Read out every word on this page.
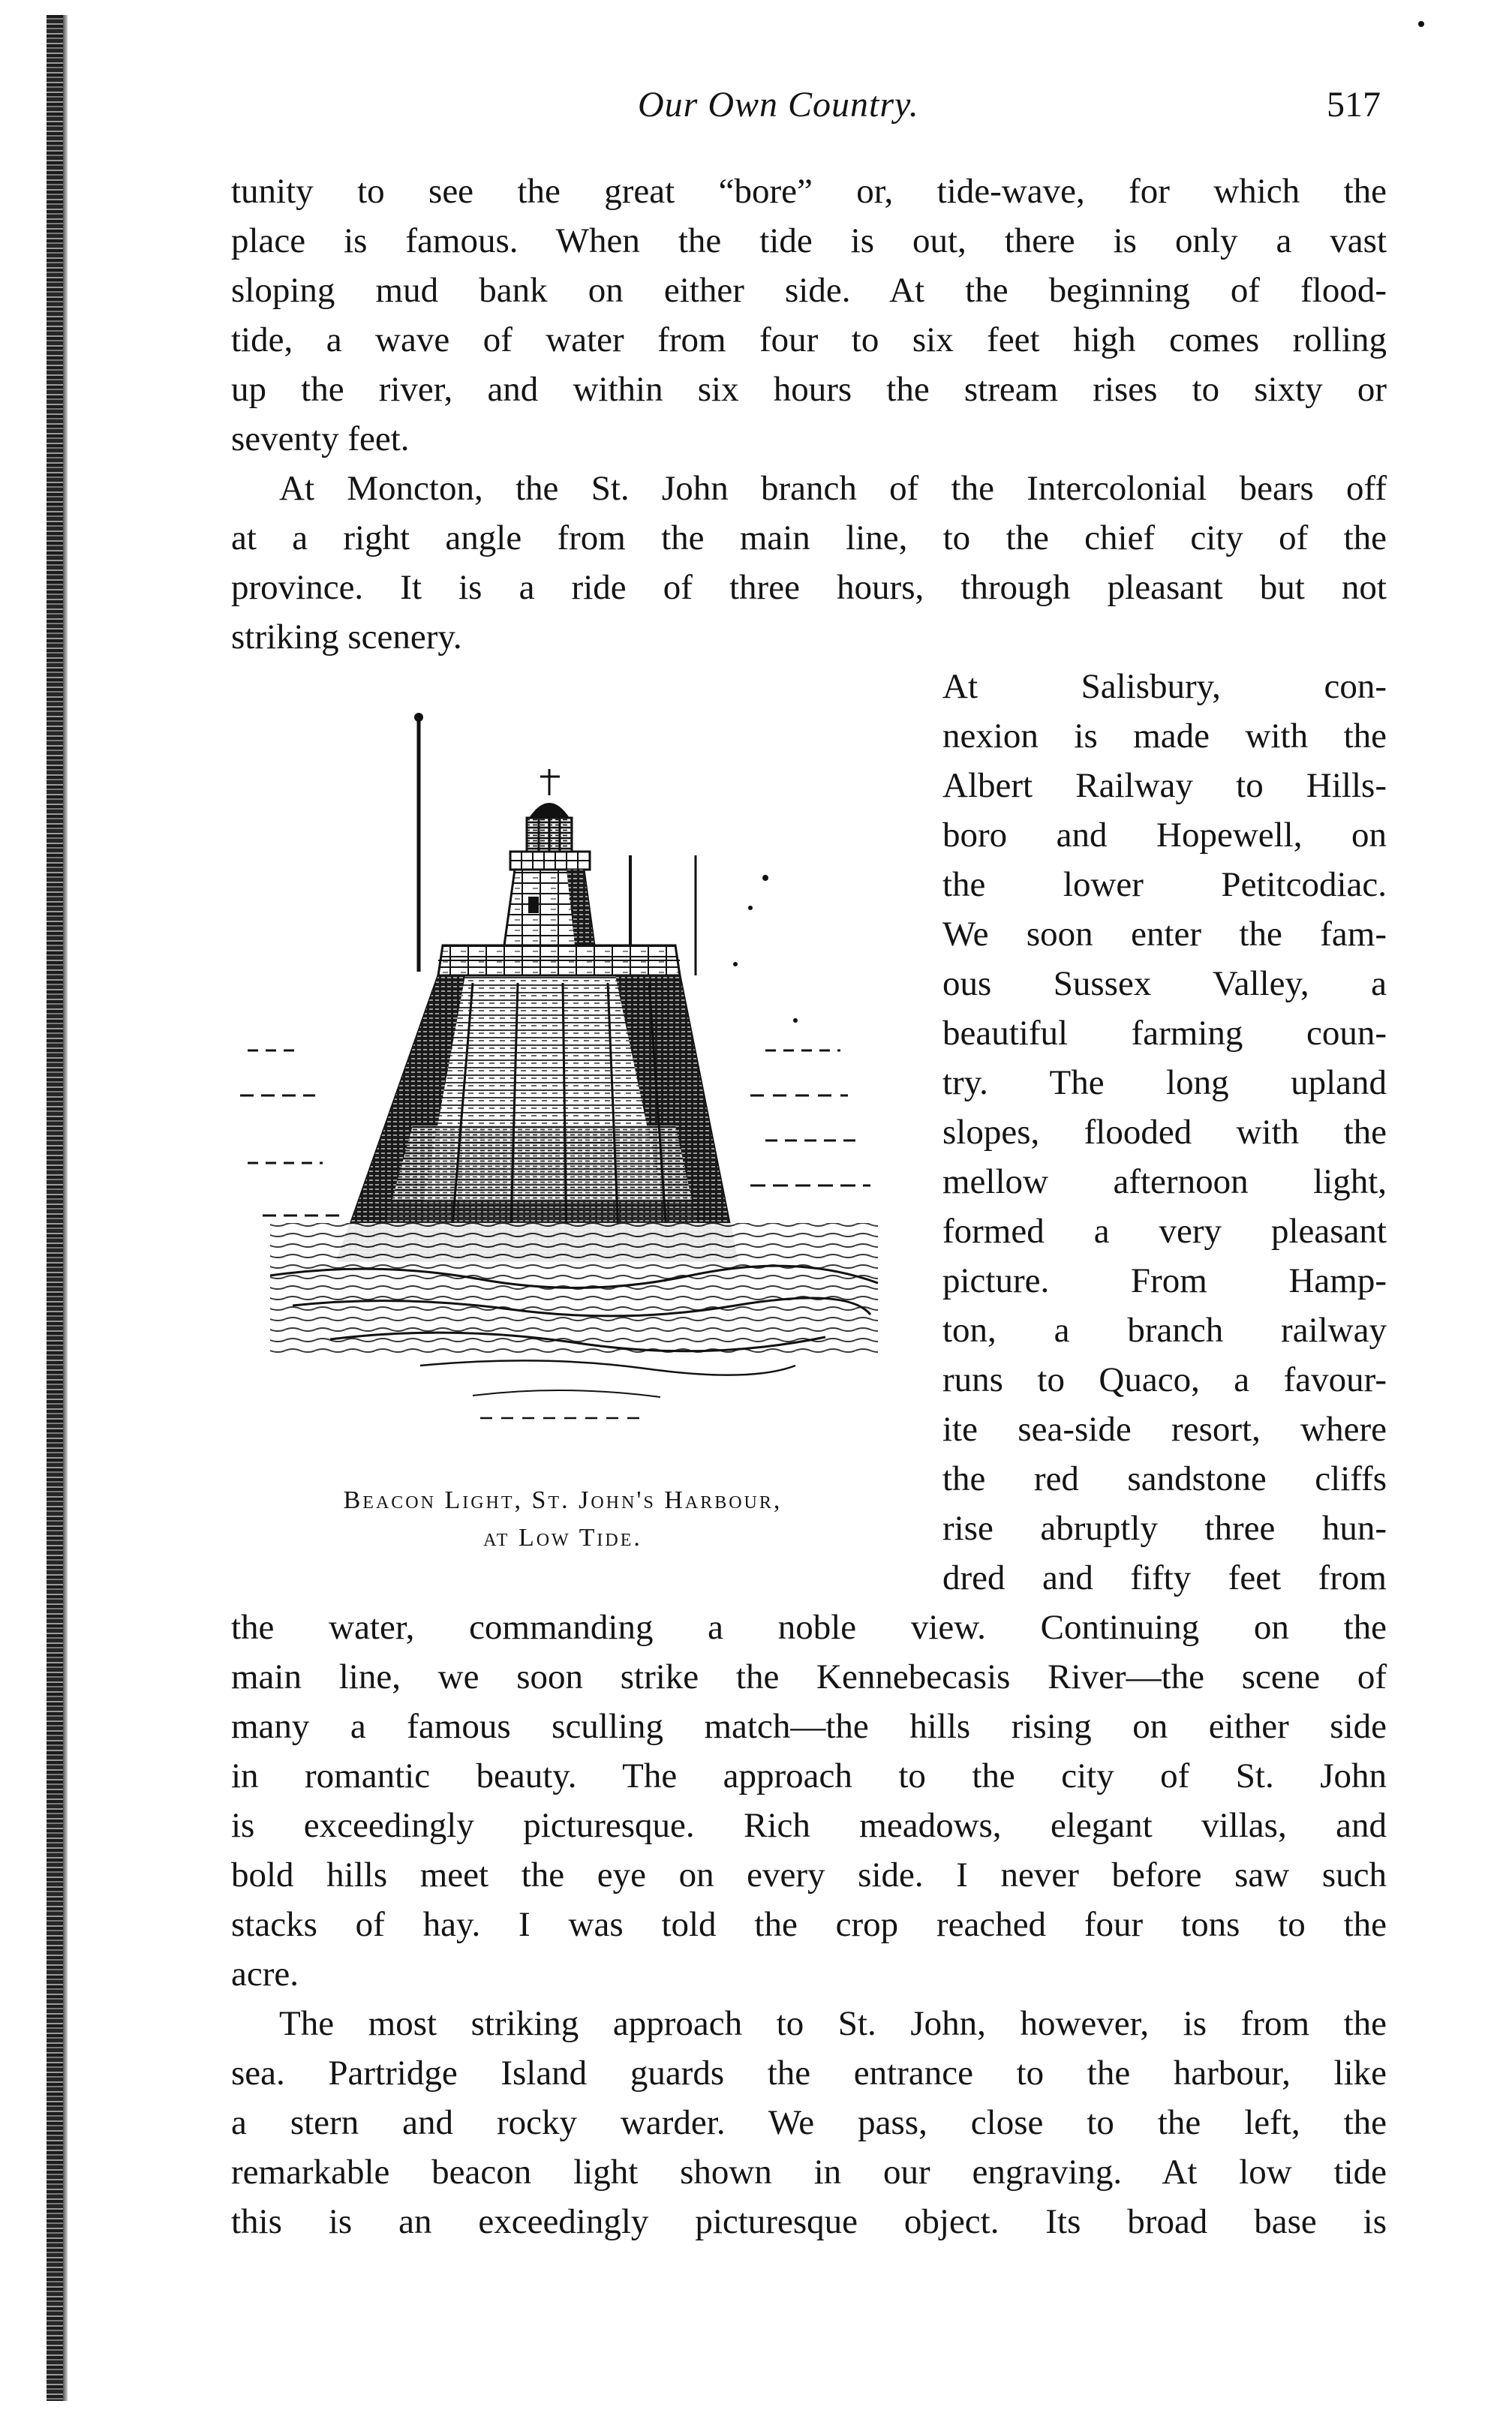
Our Own Country.	517
tunity to see the great “bore” or, tide-wave, for which the
place is famous. When the tide is out, there is only a vast
sloping mud bank on either side. At the beginning of flood-
tide, a wave of water from four to six feet high comes rolling
up the river, and within six hours the stream rises to sixty or
seventy feet.
At Moncton, the St. John branch of the Intercolonial bears off
at a right angle from the main line, to the chief city of the
province. It is a ride of three hours, through pleasant but not
striking scenery.
At Salisbury, con-
nexion is made with the
Albert Railway to Hills-
boro and Hopewell, on
the lower Petitcodiac.
We soon enter the fam-
ous Sussex Valley, a
beautiful farming coun-
try. The long upland
slopes, flooded with the
mellow afternoon light,
formed a very pleasant
picture. From Hamp-
ton, a branch railway
runs to Quaco, a favour-
ite sea-side resort, where
the red sandstone cliffs
rise abruptly three hun-
dred and fifty feet from
Beacon Light, St. John's Harbour,
at Low Tide.
the water, commanding a noble view. Continuing on the
main line, we soon strike the Kennebecasis River—the scene of
many a famous sculling match—the hills rising on either side
in romantic beauty. The approach to the city of St. John
is exceedingly picturesque. Rich meadows, elegant villas, and
bold hills meet the eye on every side. I never before saw such
stacks of hay. I was told the crop reached four tons to the
acre.
The most striking approach to St. John, however, is from the
sea. Partridge Island guards the entrance to the harbour, like
a stern and rocky warder. We pass, close to the left, the
remarkable beacon light shown in our engraving. At low tide
this is an exceedingly picturesque object. Its broad base is
